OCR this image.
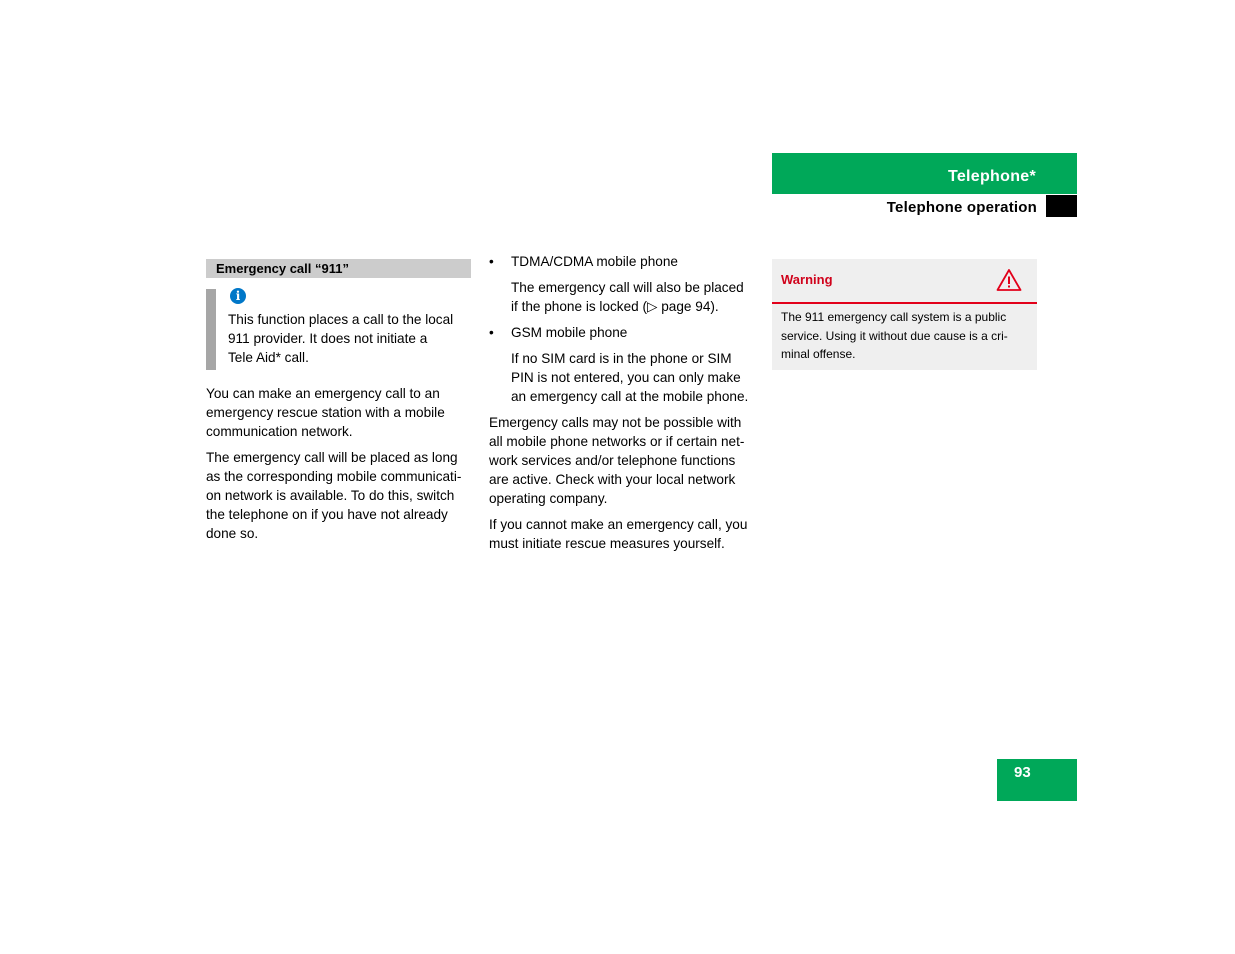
Telephone*
Telephone operation
Emergency call “911”
i
This function places a call to the local
911 provider. It does not initiate a
Tele Aid* call.

You can make an emergency call to an
emergency rescue station with a mobile
communication network.

The emergency call will be placed as long
as the corresponding mobile communicati-
on network is available. To do this, switch
the telephone on if you have not already
done so.

• TDMA/CDMA mobile phone
The emergency call will also be placed
if the phone is locked (▷ page 94).
• GSM mobile phone
If no SIM card is in the phone or SIM
PIN is not entered, you can only make
an emergency call at the mobile phone.

Emergency calls may not be possible with
all mobile phone networks or if certain net-
work services and/or telephone functions
are active. Check with your local network
operating company.

If you cannot make an emergency call, you
must initiate rescue measures yourself.

Warning
The 911 emergency call system is a public
service. Using it without due cause is a cri-
minal offense.
93
